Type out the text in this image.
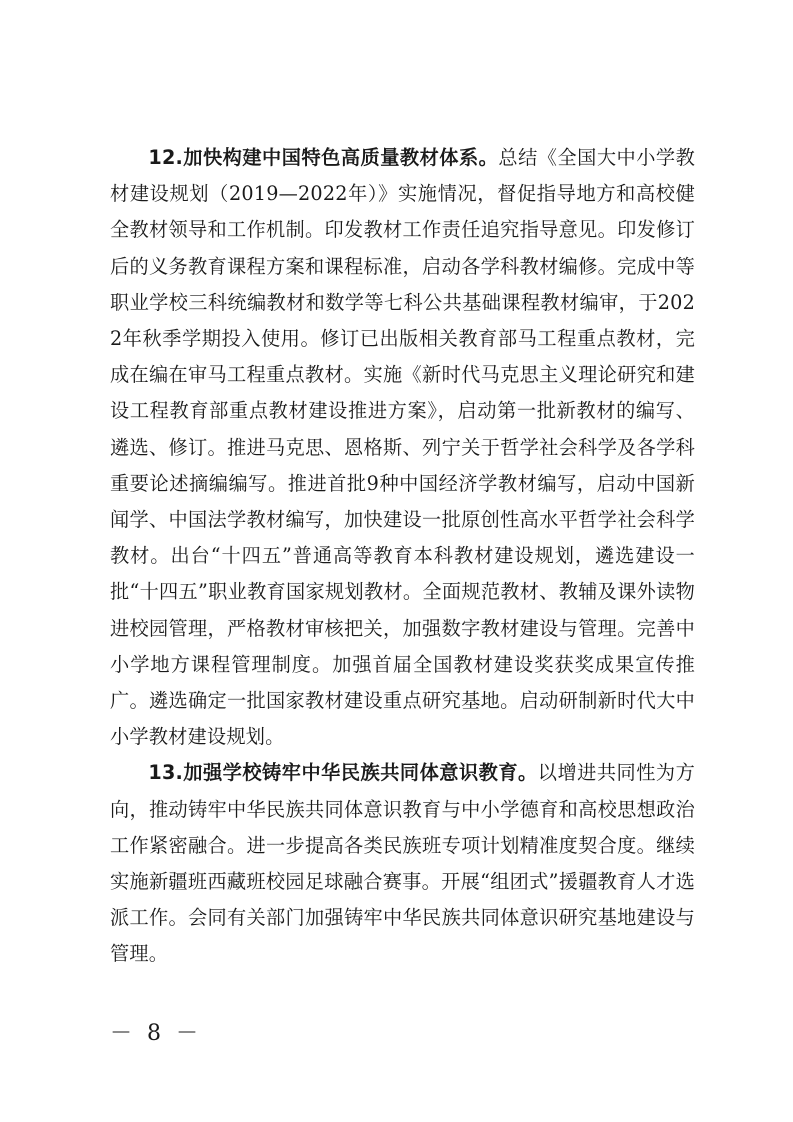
12.加快构建中国特色高质量教材体系。总结《全国大中小学教材建设规划（2019—2022年）》实施情况，督促指导地方和高校健全教材领导和工作机制。印发教材工作责任追究指导意见。印发修订后的义务教育课程方案和课程标准，启动各学科教材编修。完成中等职业学校三科统编教材和数学等七科公共基础课程教材编审，于2022年秋季学期投入使用。修订已出版相关教育部马工程重点教材，完成在编在审马工程重点教材。实施《新时代马克思主义理论研究和建设工程教育部重点教材建设推进方案》，启动第一批新教材的编写、遴选、修订。推进马克思、恩格斯、列宁关于哲学社会科学及各学科重要论述摘编编写。推进首批9种中国经济学教材编写，启动中国新闻学、中国法学教材编写，加快建设一批原创性高水平哲学社会科学教材。出台“十四五”普通高等教育本科教材建设规划，遴选建设一批“十四五”职业教育国家规划教材。全面规范教材、教辅及课外读物进校园管理，严格教材审核把关，加强数字教材建设与管理。完善中小学地方课程管理制度。加强首届全国教材建设奖获奖成果宣传推广。遴选确定一批国家教材建设重点研究基地。启动研制新时代大中小学教材建设规划。

13.加强学校铸牢中华民族共同体意识教育。以增进共同性为方向，推动铸牢中华民族共同体意识教育与中小学德育和高校思想政治工作紧密融合。进一步提高各类民族班专项计划精准度契合度。继续实施新疆班西藏班校园足球融合赛事。开展“组团式”援疆教育人才选派工作。会同有关部门加强铸牢中华民族共同体意识研究基地建设与管理。

－ 8 －
